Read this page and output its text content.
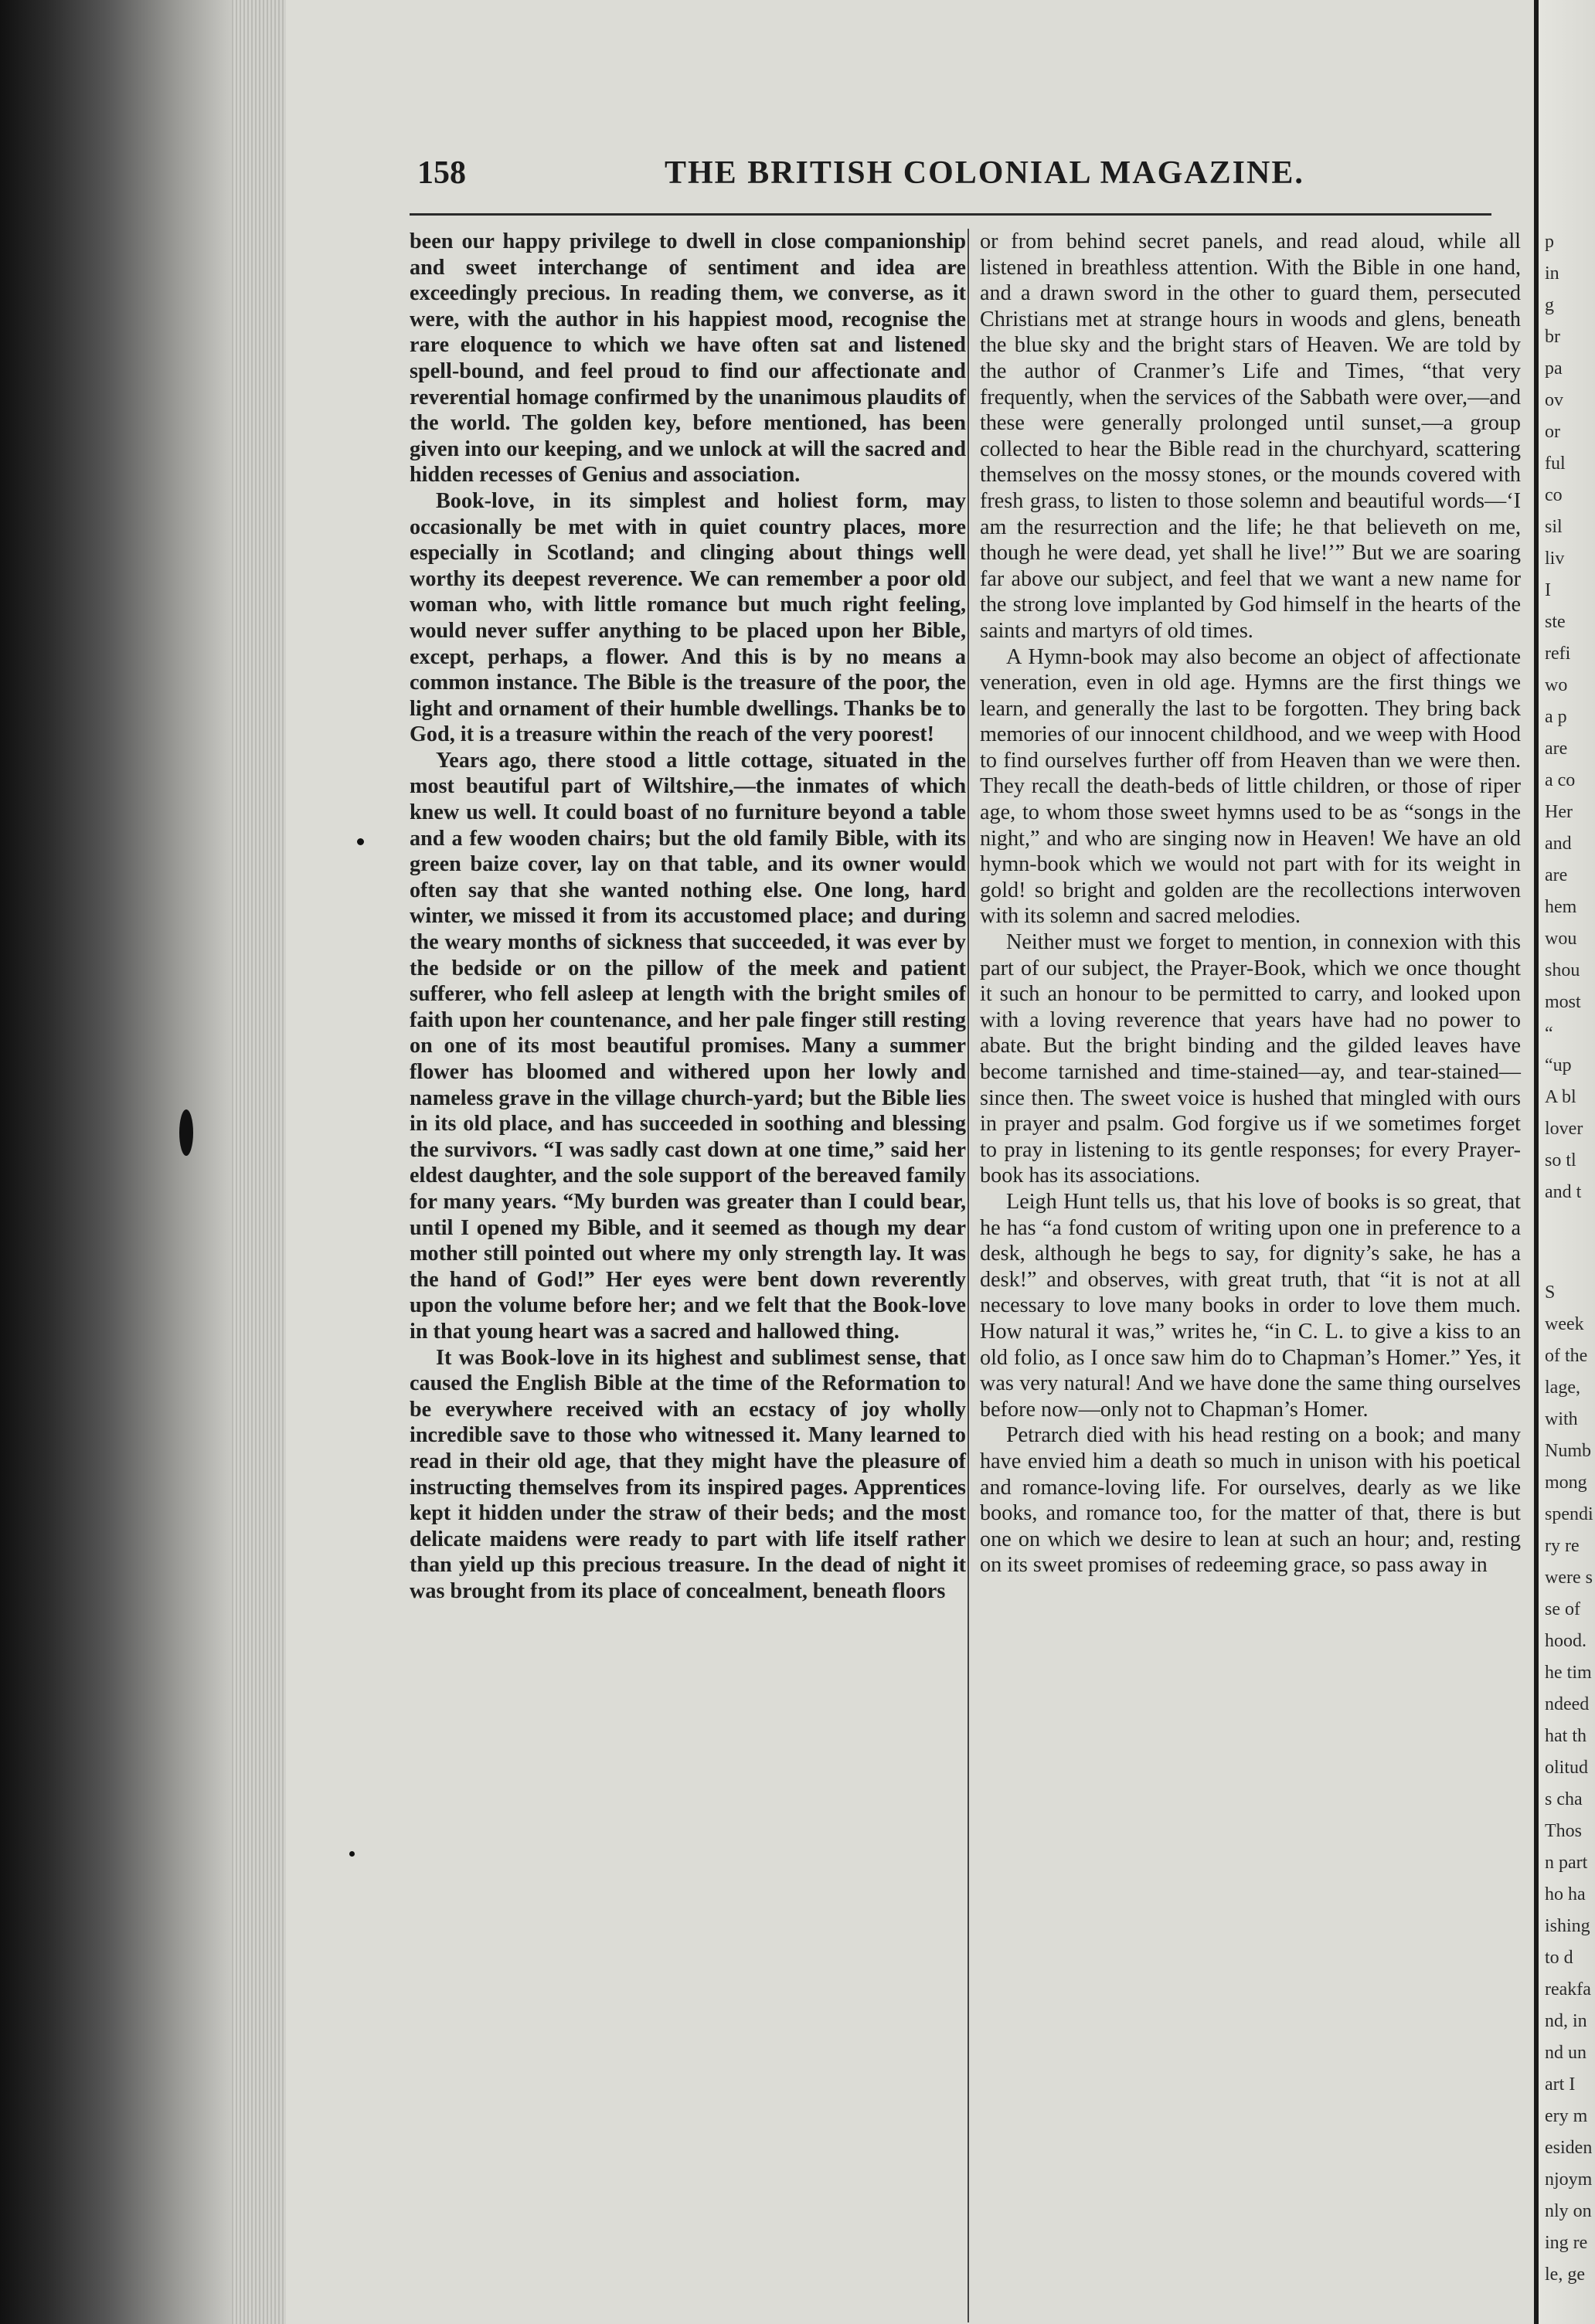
158	THE BRITISH COLONIAL MAGAZINE.

been our happy privilege to dwell in close companionship and sweet interchange of sentiment and idea are exceedingly precious. In reading them, we converse, as it were, with the author in his happiest mood, recognise the rare eloquence to which we have often sat and listened spell-bound, and feel proud to find our affectionate and reverential homage confirmed by the unanimous plaudits of the world. The golden key, before mentioned, has been given into our keeping, and we unlock at will the sacred and hidden recesses of Genius and association.

Book-love, in its simplest and holiest form, may occasionally be met with in quiet country places, more especially in Scotland; and clinging about things well worthy its deepest reverence. We can remember a poor old woman who, with little romance but much right feeling, would never suffer anything to be placed upon her Bible, except, perhaps, a flower. And this is by no means a common instance. The Bible is the treasure of the poor, the light and ornament of their humble dwellings. Thanks be to God, it is a treasure within the reach of the very poorest!

Years ago, there stood a little cottage, situated in the most beautiful part of Wiltshire,—the inmates of which knew us well. It could boast of no furniture beyond a table and a few wooden chairs; but the old family Bible, with its green baize cover, lay on that table, and its owner would often say that she wanted nothing else. One long, hard winter, we missed it from its accustomed place; and during the weary months of sickness that succeeded, it was ever by the bedside or on the pillow of the meek and patient sufferer, who fell asleep at length with the bright smiles of faith upon her countenance, and her pale finger still resting on one of its most beautiful promises. Many a summer flower has bloomed and withered upon her lowly and nameless grave in the village church-yard; but the Bible lies in its old place, and has succeeded in soothing and blessing the survivors. “I was sadly cast down at one time,” said her eldest daughter, and the sole support of the bereaved family for many years. “My burden was greater than I could bear, until I opened my Bible, and it seemed as though my dear mother still pointed out where my only strength lay. It was the hand of God!” Her eyes were bent down reverently upon the volume before her; and we felt that the Book-love in that young heart was a sacred and hallowed thing.

It was Book-love in its highest and sublimest sense, that caused the English Bible at the time of the Reformation to be everywhere received with an ecstacy of joy wholly incredible save to those who witnessed it. Many learned to read in their old age, that they might have the pleasure of instructing themselves from its inspired pages. Apprentices kept it hidden under the straw of their beds; and the most delicate maidens were ready to part with life itself rather than yield up this precious treasure. In the dead of night it was brought from its place of concealment, beneath floors

or from behind secret panels, and read aloud, while all listened in breathless attention. With the Bible in one hand, and a drawn sword in the other to guard them, persecuted Christians met at strange hours in woods and glens, beneath the blue sky and the bright stars of Heaven. We are told by the author of Cranmer’s Life and Times, “that very frequently, when the services of the Sabbath were over,—and these were generally prolonged until sunset,—a group collected to hear the Bible read in the churchyard, scattering themselves on the mossy stones, or the mounds covered with fresh grass, to listen to those solemn and beautiful words—‘I am the resurrection and the life; he that believeth on me, though he were dead, yet shall he live!’” But we are soaring far above our subject, and feel that we want a new name for the strong love implanted by God himself in the hearts of the saints and martyrs of old times.

A Hymn-book may also become an object of affectionate veneration, even in old age. Hymns are the first things we learn, and generally the last to be forgotten. They bring back memories of our innocent childhood, and we weep with Hood to find ourselves further off from Heaven than we were then. They recall the death-beds of little children, or those of riper age, to whom those sweet hymns used to be as “songs in the night,” and who are singing now in Heaven! We have an old hymn-book which we would not part with for its weight in gold! so bright and golden are the recollections interwoven with its solemn and sacred melodies.

Neither must we forget to mention, in connexion with this part of our subject, the Prayer-Book, which we once thought it such an honour to be permitted to carry, and looked upon with a loving reverence that years have had no power to abate. But the bright binding and the gilded leaves have become tarnished and time-stained—ay, and tear-stained—since then. The sweet voice is hushed that mingled with ours in prayer and psalm. God forgive us if we sometimes forget to pray in listening to its gentle responses; for every Prayer-book has its associations.

Leigh Hunt tells us, that his love of books is so great, that he has “a fond custom of writing upon one in preference to a desk, although he begs to say, for dignity’s sake, he has a desk!” and observes, with great truth, that “it is not at all necessary to love many books in order to love them much. How natural it was,” writes he, “in C. L. to give a kiss to an old folio, as I once saw him do to Chapman’s Homer.” Yes, it was very natural! And we have done the same thing ourselves before now—only not to Chapman’s Homer.

Petrarch died with his head resting on a book; and many have envied him a death so much in unison with his poetical and romance-loving life. For ourselves, dearly as we like books, and romance too, for the matter of that, there is but one on which we desire to lean at such an hour; and, resting on its sweet promises of redeeming grace, so pass away in

p
in
g
br
pa
ov
or
ful
co
sil
liv
I
ste
refi
wo
a p
are
a co
Her
and
are
hem
wou
shou
most
“
“up
A bl
lover
so tl
and t
S
week
of the
lage,
with
Numb
mong
spendi
ry re
were s
se of
hood.
he tim
ndeed
hat th
olitud
s cha
Thos
n part
ho ha
ishing
to d
reakfa
nd, in
nd un
art I
ery m
esiden
njoym
nly on
ing re
le, ge
